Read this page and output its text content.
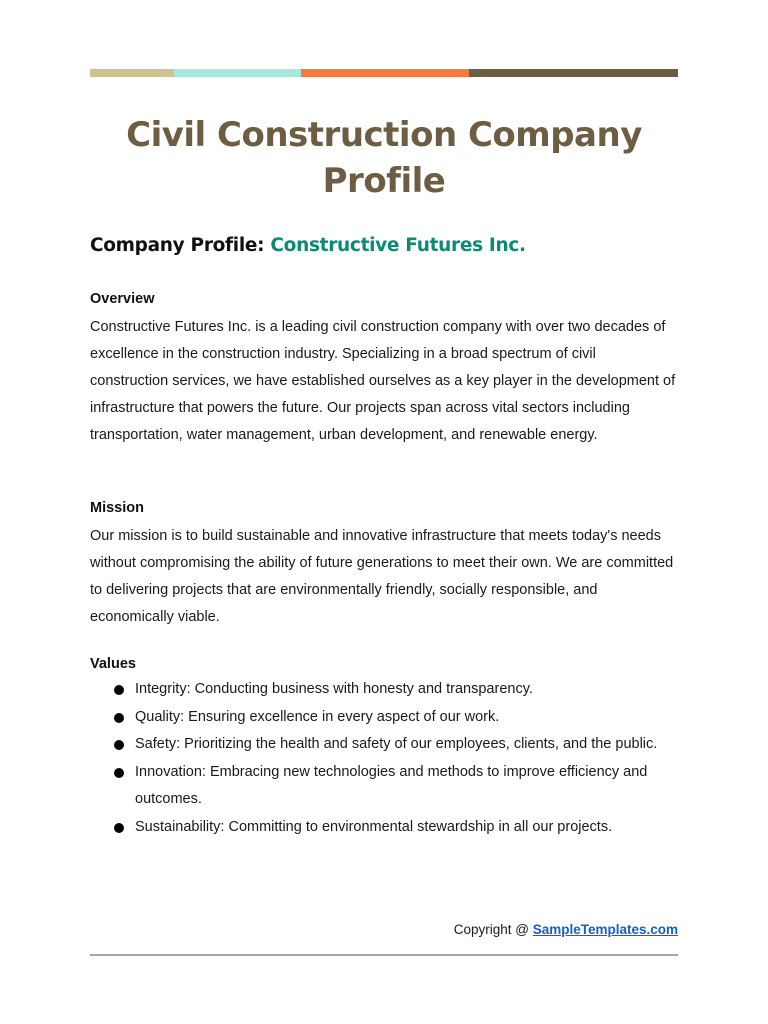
Civil Construction Company Profile
Company Profile: Constructive Futures Inc.
Overview

Constructive Futures Inc. is a leading civil construction company with over two decades of excellence in the construction industry. Specializing in a broad spectrum of civil construction services, we have established ourselves as a key player in the development of infrastructure that powers the future. Our projects span across vital sectors including transportation, water management, urban development, and renewable energy.

Mission

Our mission is to build sustainable and innovative infrastructure that meets today's needs without compromising the ability of future generations to meet their own. We are committed to delivering projects that are environmentally friendly, socially responsible, and economically viable.

Values
Integrity: Conducting business with honesty and transparency.
Quality: Ensuring excellence in every aspect of our work.
Safety: Prioritizing the health and safety of our employees, clients, and the public.
Innovation: Embracing new technologies and methods to improve efficiency and outcomes.
Sustainability: Committing to environmental stewardship in all our projects.
Copyright @ SampleTemplates.com
